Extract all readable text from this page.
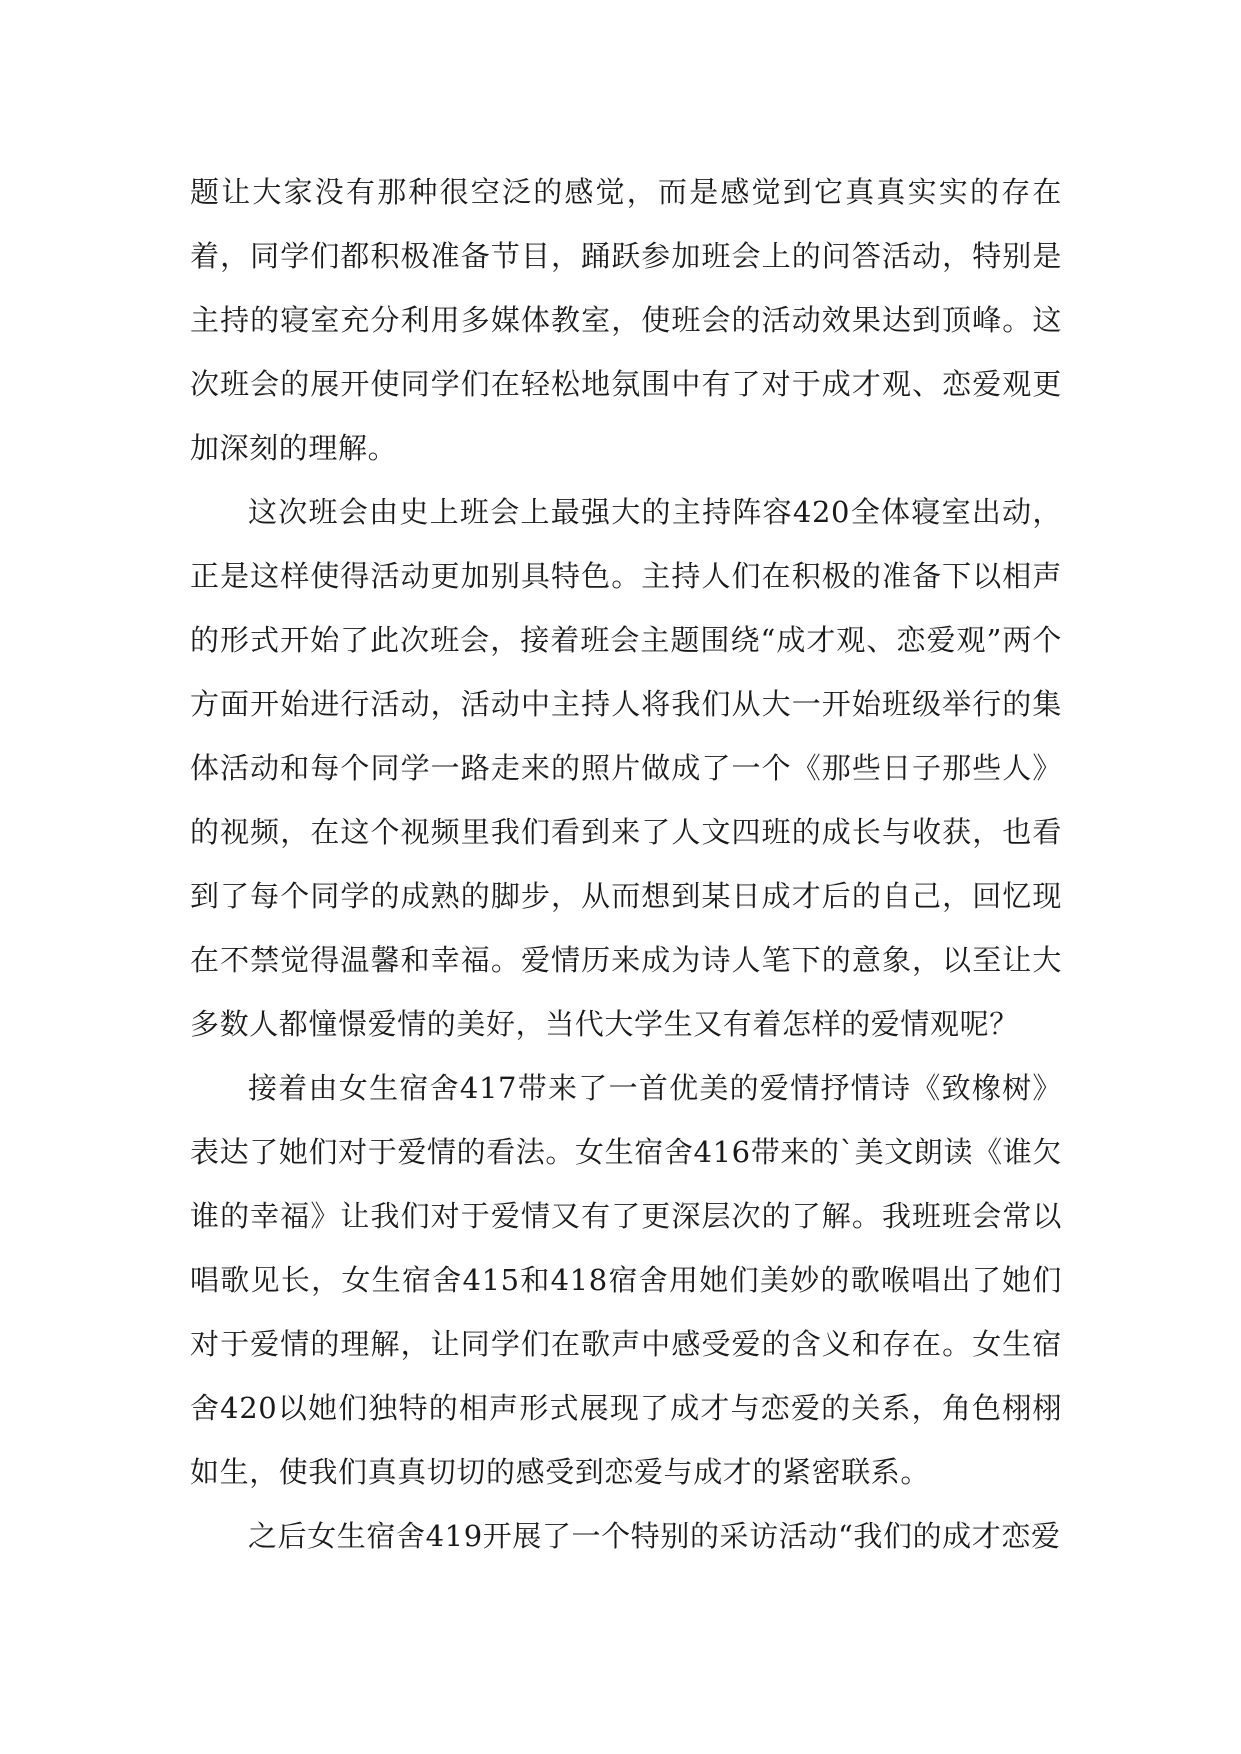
题让大家没有那种很空泛的感觉，而是感觉到它真真实实的存在着，同学们都积极准备节目，踊跃参加班会上的问答活动，特别是主持的寝室充分利用多媒体教室，使班会的活动效果达到顶峰。这次班会的展开使同学们在轻松地氛围中有了对于成才观、恋爱观更加深刻的理解。

这次班会由史上班会上最强大的主持阵容420全体寝室出动，正是这样使得活动更加别具特色。主持人们在积极的准备下以相声的形式开始了此次班会，接着班会主题围绕“成才观、恋爱观”两个方面开始进行活动，活动中主持人将我们从大一开始班级举行的集体活动和每个同学一路走来的照片做成了一个《那些日子那些人》的视频，在这个视频里我们看到来了人文四班的成长与收获，也看到了每个同学的成熟的脚步，从而想到某日成才后的自己，回忆现在不禁觉得温馨和幸福。爱情历来成为诗人笔下的意象，以至让大多数人都憧憬爱情的美好，当代大学生又有着怎样的爱情观呢？

接着由女生宿舍417带来了一首优美的爱情抒情诗《致橡树》表达了她们对于爱情的看法。女生宿舍416带来的`美文朗读《谁欠谁的幸福》让我们对于爱情又有了更深层次的了解。我班班会常以唱歌见长，女生宿舍415和418宿舍用她们美妙的歌喉唱出了她们对于爱情的理解，让同学们在歌声中感受爱的含义和存在。女生宿舍420以她们独特的相声形式展现了成才与恋爱的关系，角色栩栩如生，使我们真真切切的感受到恋爱与成才的紧密联系。

之后女生宿舍419开展了一个特别的采访活动“我们的成才恋爱
